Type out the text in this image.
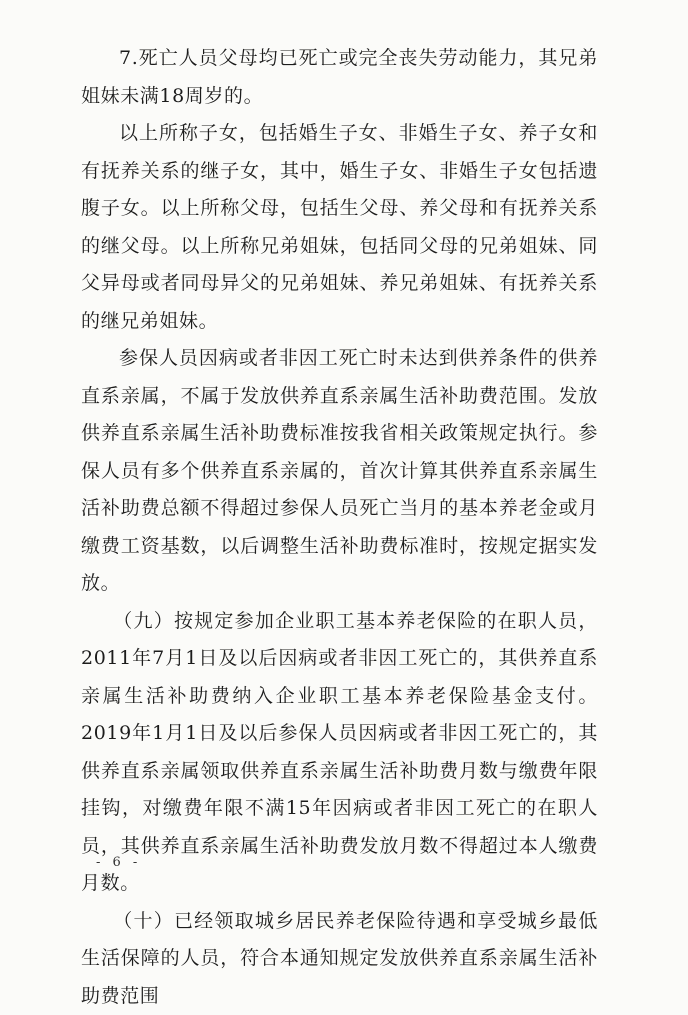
7.死亡人员父母均已死亡或完全丧失劳动能力，其兄弟姐妹未满18周岁的。

以上所称子女，包括婚生子女、非婚生子女、养子女和有抚养关系的继子女，其中，婚生子女、非婚生子女包括遗腹子女。以上所称父母，包括生父母、养父母和有抚养关系的继父母。以上所称兄弟姐妹，包括同父母的兄弟姐妹、同父异母或者同母异父的兄弟姐妹、养兄弟姐妹、有抚养关系的继兄弟姐妹。

参保人员因病或者非因工死亡时未达到供养条件的供养直系亲属，不属于发放供养直系亲属生活补助费范围。发放供养直系亲属生活补助费标准按我省相关政策规定执行。参保人员有多个供养直系亲属的，首次计算其供养直系亲属生活补助费总额不得超过参保人员死亡当月的基本养老金或月缴费工资基数，以后调整生活补助费标准时，按规定据实发放。

（九）按规定参加企业职工基本养老保险的在职人员，2011年7月1日及以后因病或者非因工死亡的，其供养直系亲属生活补助费纳入企业职工基本养老保险基金支付。2019年1月1日及以后参保人员因病或者非因工死亡的，其供养直系亲属领取供养直系亲属生活补助费月数与缴费年限挂钩，对缴费年限不满15年因病或者非因工死亡的在职人员，其供养直系亲属生活补助费发放月数不得超过本人缴费月数。

（十）已经领取城乡居民养老保险待遇和享受城乡最低生活保障的人员，符合本通知规定发放供养直系亲属生活补助费范围

- 6 -
